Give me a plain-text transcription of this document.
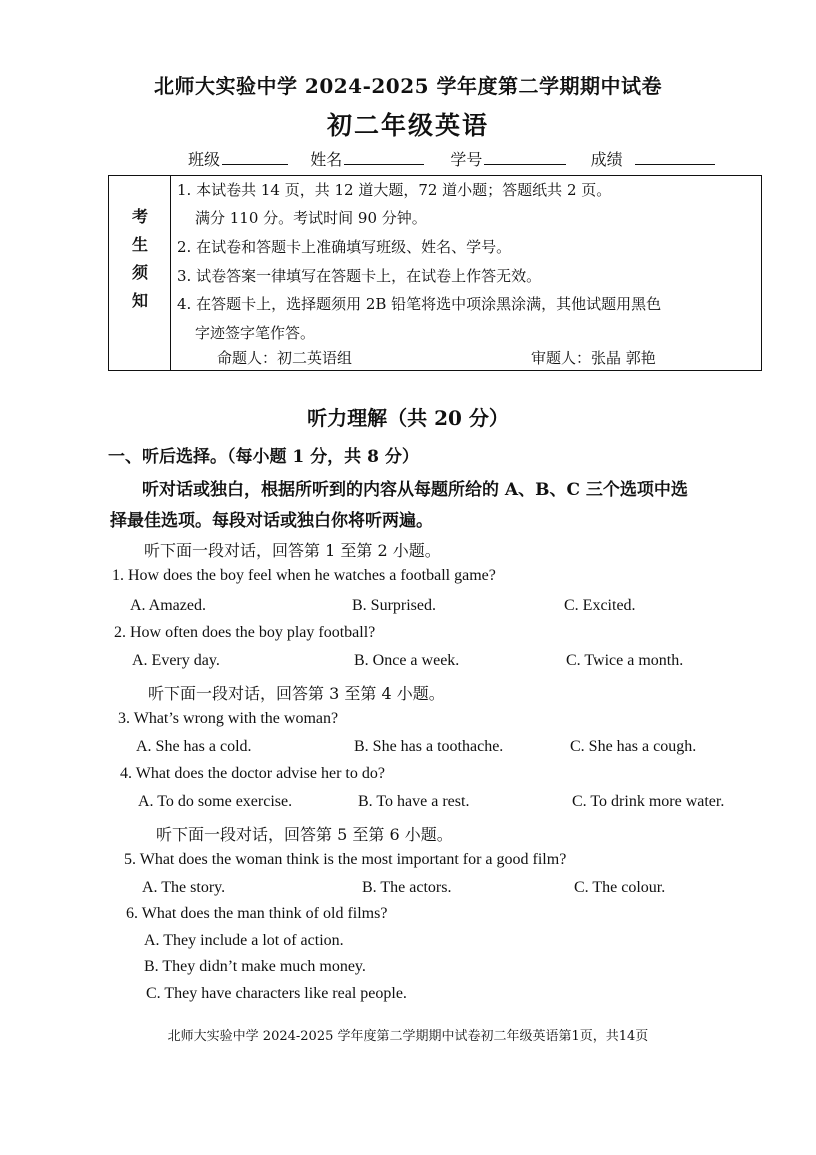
北师大实验中学 2024-2025 学年度第二学期期中试卷
初二年级英语
班级	姓名	学号	成绩
考
生
须
知
1. 本试卷共 14 页，共 12 道大题，72 道小题；答题纸共 2 页。
满分 110 分。考试时间 90 分钟。
2. 在试卷和答题卡上准确填写班级、姓名、学号。
3. 试卷答案一律填写在答题卡上，在试卷上作答无效。
4. 在答题卡上，选择题须用 2B 铅笔将选中项涂黑涂满，其他试题用黑色
字迹签字笔作答。
命题人：初二英语组	审题人：张晶 郭艳
听力理解（共 20 分）
一、听后选择。（每小题 1 分，共 8 分）
听对话或独白，根据所听到的内容从每题所给的 A、B、C 三个选项中选
择最佳选项。每段对话或独白你将听两遍。
听下面一段对话，回答第 1 至第 2 小题。
1. How does the boy feel when he watches a football game?
A. Amazed.	B. Surprised.	C. Excited.
2. How often does the boy play football?
A. Every day.	B. Once a week.	C. Twice a month.
听下面一段对话，回答第 3 至第 4 小题。
3. What’s wrong with the woman?
A. She has a cold.	B. She has a toothache.	C. She has a cough.
4. What does the doctor advise her to do?
A. To do some exercise.	B. To have a rest.	C. To drink more water.
听下面一段对话，回答第 5 至第 6 小题。
5. What does the woman think is the most important for a good film?
A. The story.	B. The actors.	C. The colour.
6. What does the man think of old films?
A. They include a lot of action.
B. They didn’t make much money.
C. They have characters like real people.
北师大实验中学 2024-2025 学年度第二学期期中试卷初二年级英语第1页，共14页
